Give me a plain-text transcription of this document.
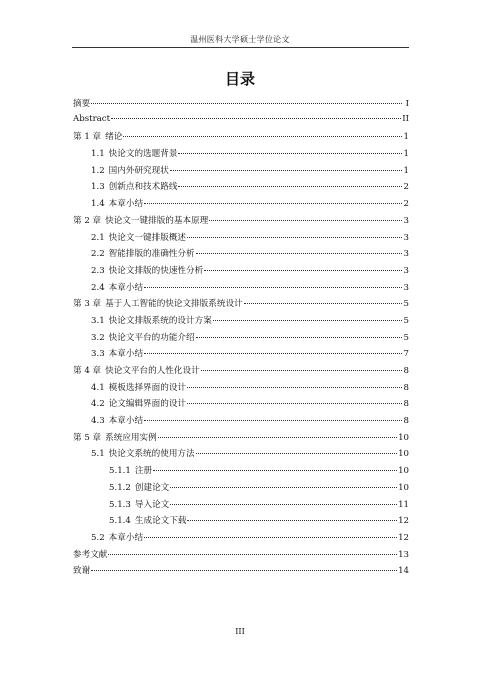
温州医科大学硕士学位论文
目录
摘要	I
Abstract	II
第 1 章 绪论	1
1.1 快论文的选题背景	1
1.2 国内外研究现状	1
1.3 创新点和技术路线	2
1.4 本章小结	2
第 2 章 快论文一键排版的基本原理	3
2.1 快论文一键排版概述	3
2.2 智能排版的准确性分析	3
2.3 快论文排版的快速性分析	3
2.4 本章小结	3
第 3 章 基于人工智能的快论文排版系统设计	5
3.1 快论文排版系统的设计方案	5
3.2 快论文平台的功能介绍	5
3.3 本章小结	7
第 4 章 快论文平台的人性化设计	8
4.1 模板选择界面的设计	8
4.2 论文编辑界面的设计	8
4.3 本章小结	8
第 5 章 系统应用实例	10
5.1 快论文系统的使用方法	10
5.1.1 注册	10
5.1.2 创建论文	10
5.1.3 导入论文	11
5.1.4 生成论文下载	12
5.2 本章小结	12
参考文献	13
致谢	14
III
